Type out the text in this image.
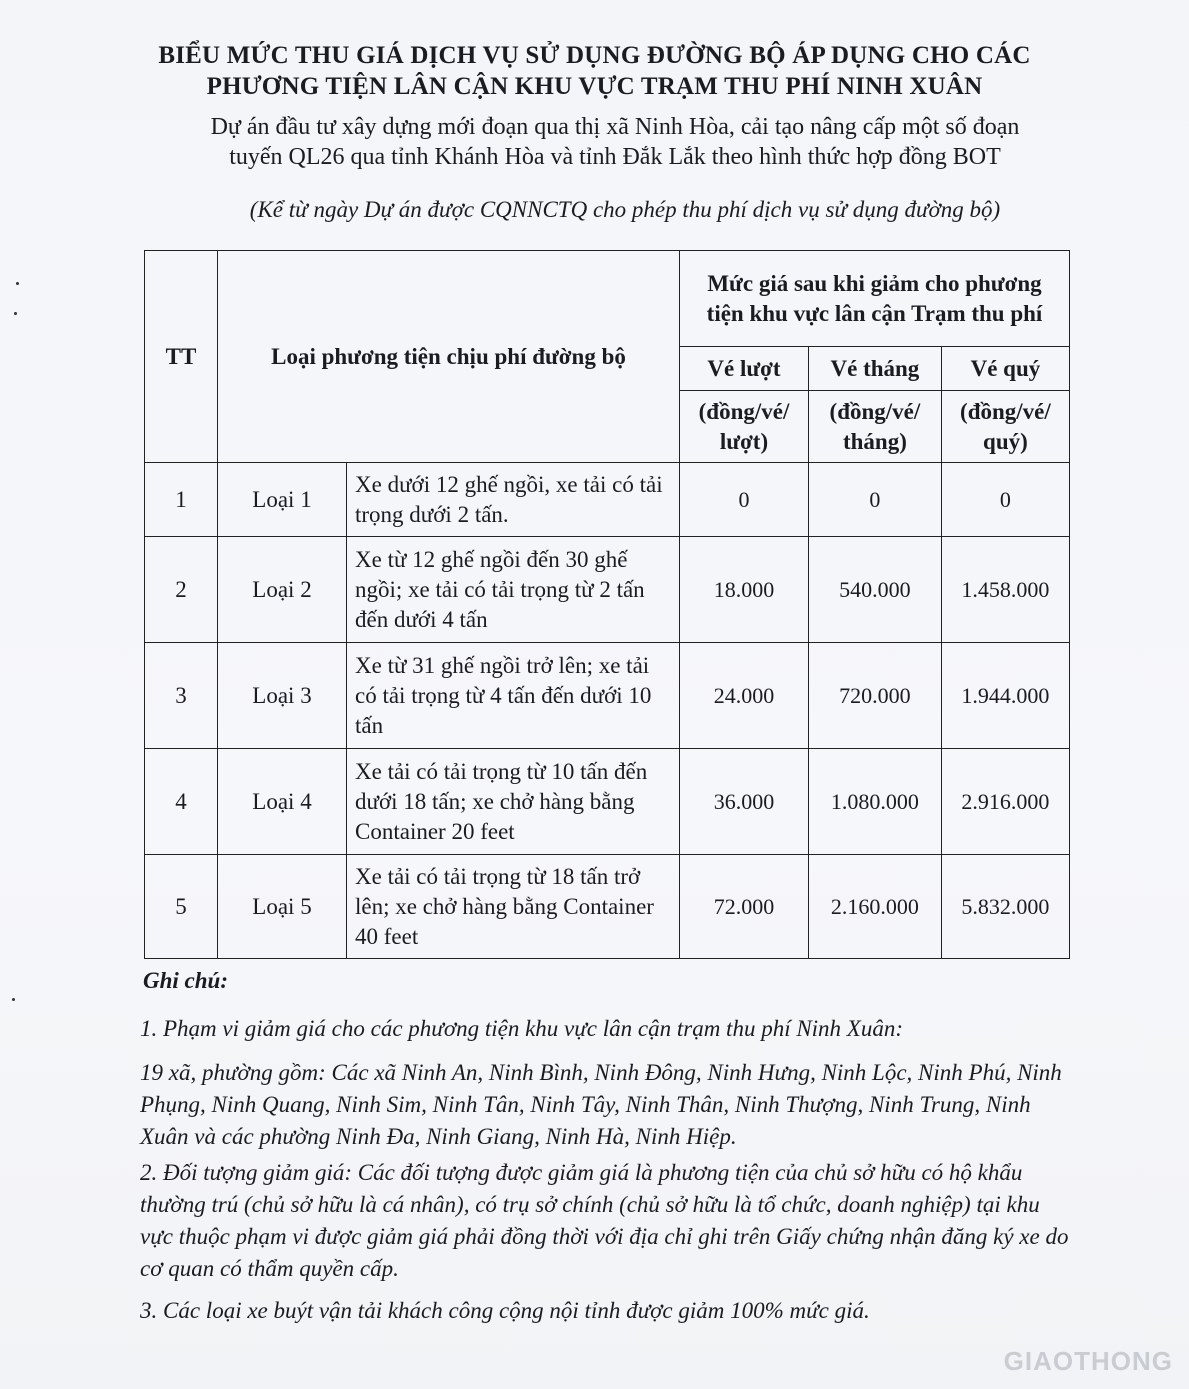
BIỂU MỨC THU GIÁ DỊCH VỤ SỬ DỤNG ĐƯỜNG BỘ ÁP DỤNG CHO CÁC
PHƯƠNG TIỆN LÂN CẬN KHU VỰC TRẠM THU PHÍ NINH XUÂN
Dự án đầu tư xây dựng mới đoạn qua thị xã Ninh Hòa, cải tạo nâng cấp một số đoạn
tuyến QL26 qua tỉnh Khánh Hòa và tỉnh Đắk Lắk theo hình thức hợp đồng BOT
(Kể từ ngày Dự án được CQNNCTQ cho phép thu phí dịch vụ sử dụng đường bộ)
TT	Loại phương tiện chịu phí đường bộ		Mức giá sau khi giảm cho phương tiện khu vực lân cận Trạm thu phí		
			Vé lượt	Vé tháng	Vé quý
			(đồng/vé/ lượt)	(đồng/vé/ tháng)	(đồng/vé/ quý)
1	Loại 1	Xe dưới 12 ghế ngồi, xe tải có tải trọng dưới 2 tấn.	0	0	0
2	Loại 2	Xe từ 12 ghế ngồi đến 30 ghế ngồi; xe tải có tải trọng từ 2 tấn đến dưới 4 tấn	18.000	540.000	1.458.000
3	Loại 3	Xe từ 31 ghế ngồi trở lên; xe tải có tải trọng từ 4 tấn đến dưới 10 tấn	24.000	720.000	1.944.000
4	Loại 4	Xe tải có tải trọng từ 10 tấn đến dưới 18 tấn; xe chở hàng bằng Container 20 feet	36.000	1.080.000	2.916.000
5	Loại 5	Xe tải có tải trọng từ 18 tấn trở lên; xe chở hàng bằng Container 40 feet	72.000	2.160.000	5.832.000
Ghi chú:
1. Phạm vi giảm giá cho các phương tiện khu vực lân cận trạm thu phí Ninh Xuân:
19 xã, phường gồm: Các xã Ninh An, Ninh Bình, Ninh Đông, Ninh Hưng, Ninh Lộc, Ninh Phú, Ninh Phụng, Ninh Quang, Ninh Sim, Ninh Tân, Ninh Tây, Ninh Thân, Ninh Thượng, Ninh Trung, Ninh Xuân và các phường Ninh Đa, Ninh Giang, Ninh Hà, Ninh Hiệp.
2. Đối tượng giảm giá: Các đối tượng được giảm giá là phương tiện của chủ sở hữu có hộ khẩu thường trú (chủ sở hữu là cá nhân), có trụ sở chính (chủ sở hữu là tổ chức, doanh nghiệp) tại khu vực thuộc phạm vi được giảm giá phải đồng thời với địa chỉ ghi trên Giấy chứng nhận đăng ký xe do cơ quan có thẩm quyền cấp.
3. Các loại xe buýt vận tải khách công cộng nội tỉnh được giảm 100% mức giá.
GIAOTHONG
